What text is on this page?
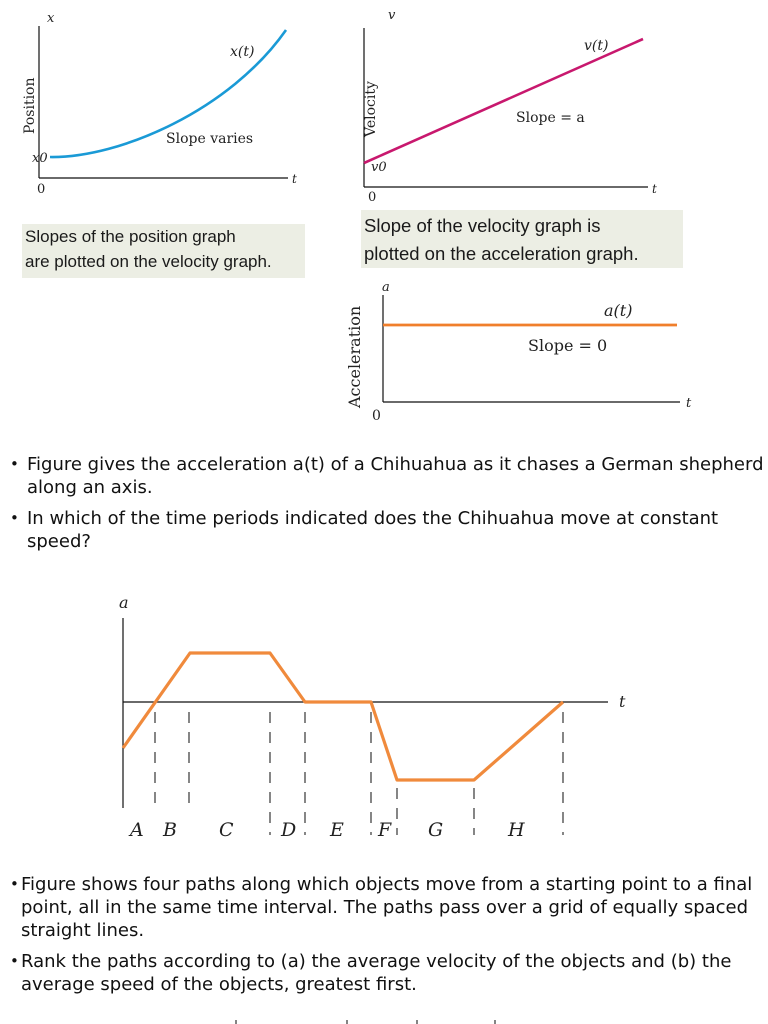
x
t
0
x0
Position
x(t)
Slope varies
v
t
0
v0
Velocity
v(t)
Slope = a
a
t
0
Acceleration	a(t)
Slope = 0
a
t
A B C D E F G	H
Slopes of the position graph
are plotted on the velocity graph.
Slope of the velocity graph is
plotted on the acceleration graph.
• Figure gives the acceleration a(t) of a Chihuahua as it chases a German shepherd along an axis.
• In which of the time periods indicated does the Chihuahua move at constant speed?
• Figure shows four paths along which objects move from a starting point to a final point, all in the same time interval. The paths pass over a grid of equally spaced straight lines.
• Rank the paths according to (a) the average velocity of the objects and (b) the average speed of the objects, greatest first.
